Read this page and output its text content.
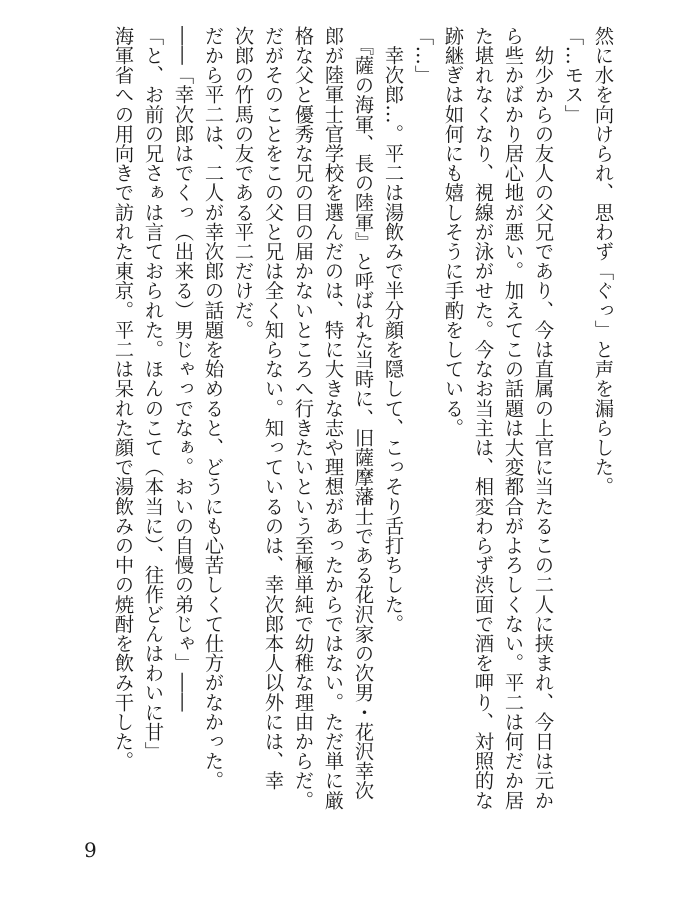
然に水を向けられ、思わず「ぐっ」と声を漏らした。
「…モス」
　幼少からの友人の父兄であり、今は直属の上官に当たるこの二人に挟まれ、今日は元か
ら些かばかり居心地が悪い。加えてこの話題は大変都合がよろしくない。平二は何だか居
た堪れなくなり、視線が泳がせた。今なお当主は、相変わらず渋面で酒を呷り、対照的な
跡継ぎは如何にも嬉しそうに手酌をしている。
「…」
　幸次郎…。平二は湯飲みで半分顔を隠して、こっそり舌打ちした。
　『薩の海軍、長の陸軍』と呼ばれた当時に、旧薩摩藩士である花沢家の次男・花沢幸次
郎が陸軍士官学校を選んだのは、特に大きな志や理想があったからではない。ただ単に厳
格な父と優秀な兄の目の届かないところへ行きたいという至極単純で幼稚な理由からだ。
だがそのことをこの父と兄は全く知らない。知っているのは、幸次郎本人以外には、幸
次郎の竹馬の友である平二だけだ。
だから平二は、二人が幸次郎の話題を始めると、どうにも心苦しくて仕方がなかった。
――「幸次郎はでくっ（出来る）男じゃっでなぁ。おいの自慢の弟じゃ」――
「と、お前の兄さぁは言ておられた。ほんのこて（本当に）、往作どんはわいに甘」
海軍省への用向きで訪れた東京。平二は呆れた顔で湯飲みの中の焼酎を飲み干した。
9
